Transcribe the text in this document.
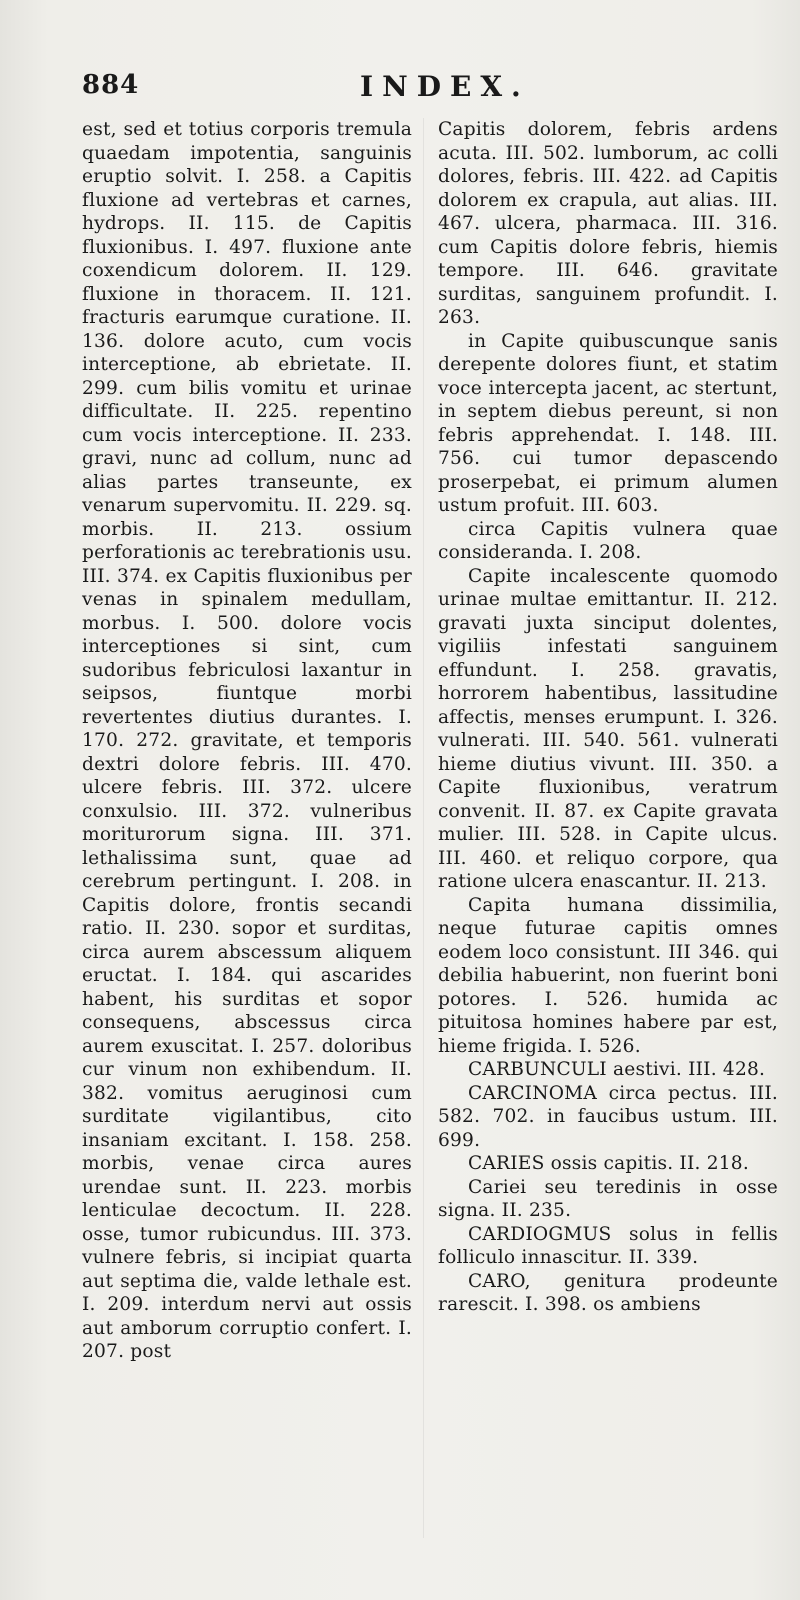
884	INDEX.

est, sed et totius corporis tremula quaedam impotentia, sanguinis eruptio solvit. I. 258. a Capitis fluxione ad vertebras et carnes, hydrops. II. 115. de Capitis fluxionibus. I. 497. fluxione ante coxendicum dolorem. II. 129. fluxione in thoracem. II. 121. fracturis earumque curatione. II. 136. dolore acuto, cum vocis interceptione, ab ebrietate. II. 299. cum bilis vomitu et urinae difficultate. II. 225. repentino cum vocis interceptione. II. 233. gravi, nunc ad collum, nunc ad alias partes transeunte, ex venarum supervomitu. II. 229. sq. morbis. II. 213. ossium perforationis ac terebrationis usu. III. 374. ex Capitis fluxionibus per venas in spinalem medullam, morbus. I. 500. dolore vocis interceptiones si sint, cum sudoribus febriculosi laxantur in seipsos, fiuntque morbi revertentes diutius durantes. I. 170. 272. gravitate, et temporis dextri dolore febris. III. 470. ulcere febris. III. 372. ulcere conxulsio. III. 372. vulneribus moriturorum signa. III. 371. lethalissima sunt, quae ad cerebrum pertingunt. I. 208. in Capitis dolore, frontis secandi ratio. II. 230. sopor et surditas, circa aurem abscessum aliquem eructat. I. 184. qui ascarides habent, his surditas et sopor consequens, abscessus circa aurem exuscitat. I. 257. doloribus cur vinum non exhibendum. II. 382. vomitus aeruginosi cum surditate vigilantibus, cito insaniam excitant. I. 158. 258. morbis, venae circa aures urendae sunt. II. 223. morbis lenticulae decoctum. II. 228. osse, tumor rubicundus. III. 373. vulnere febris, si incipiat quarta aut septima die, valde lethale est. I. 209. interdum nervi aut ossis aut amborum corruptio confert. I. 207. post

Capitis dolorem, febris ardens acuta. III. 502. lumborum, ac colli dolores, febris. III. 422. ad Capitis dolorem ex crapula, aut alias. III. 467. ulcera, pharmaca. III. 316. cum Capitis dolore febris, hiemis tempore. III. 646. gravitate surditas, sanguinem profundit. I. 263.

in Capite quibuscunque sanis derepente dolores fiunt, et statim voce intercepta jacent, ac stertunt, in septem diebus pereunt, si non febris apprehendat. I. 148. III. 756. cui tumor depascendo proserpebat, ei primum alumen ustum profuit. III. 603.

circa Capitis vulnera quae consideranda. I. 208.

Capite incalescente quomodo urinae multae emittantur. II. 212. gravati juxta sinciput dolentes, vigiliis infestati sanguinem effundunt. I. 258. gravatis, horrorem habentibus, lassitudine affectis, menses erumpunt. I. 326. vulnerati. III. 540. 561. vulnerati hieme diutius vivunt. III. 350. a Capite fluxionibus, veratrum convenit. II. 87. ex Capite gravata mulier. III. 528. in Capite ulcus. III. 460. et reliquo corpore, qua ratione ulcera enascantur. II. 213.

Capita humana dissimilia, neque futurae capitis omnes eodem loco consistunt. III 346. qui debilia habuerint, non fuerint boni potores. I. 526. humida ac pituitosa homines habere par est, hieme frigida. I. 526.

CARBUNCULI aestivi. III. 428.

CARCINOMA circa pectus. III. 582. 702. in faucibus ustum. III. 699.

CARIES ossis capitis. II. 218.

Cariei seu teredinis in osse signa. II. 235.

CARDIOGMUS solus in fellis folliculo innascitur. II. 339.

CARO, genitura prodeunte rarescit. I. 398. os ambiens
